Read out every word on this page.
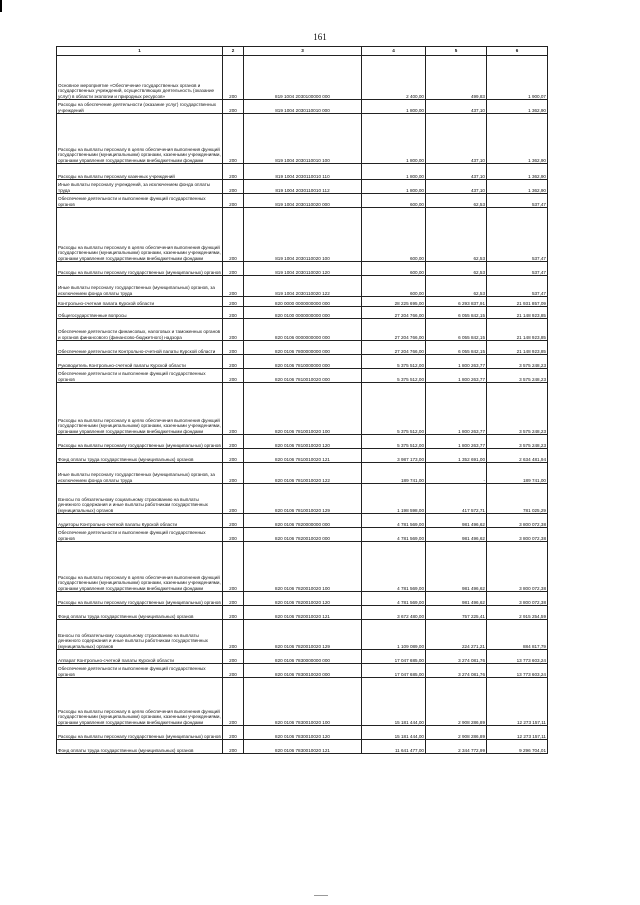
161
1	2	3	4	5	6
Основное мероприятие «Обеспечение государственных органов и государственных учреждений, осуществляющих деятельность (оказание услуг) в области экологии и природных ресурсов»	200	819 1004 2030100000 000	2 400,00	499,83	1 900,07
Расходы на обеспечение деятельности (оказание услуг) государственных учреждений	200	819 1004 2030110010 000	1 800,00	437,10	1 362,90
Расходы на выплаты персоналу в целях обеспечения выполнения функций государственными (муниципальными) органами, казенными учреждениями, органами управления государственными внебюджетными фондами	200	819 1004 2030110010 100	1 800,00	437,10	1 362,90
Расходы на выплаты персоналу казенных учреждений	200	819 1004 2030110010 110	1 800,00	437,10	1 362,90
Иные выплаты персоналу учреждений, за исключением фонда оплаты труда	200	819 1004 2030110010 112	1 800,00	437,10	1 362,90
Обеспечение деятельности и выполнение функций государственных органов	200	819 1004 2030110020 000	600,00	62,53	537,47
Расходы на выплаты персоналу в целях обеспечения выполнения функций государственными (муниципальными) органами, казенными учреждениями, органами управления государственными внебюджетными фондами	200	819 1004 2030110020 100	600,00	62,53	537,47
Расходы на выплаты персоналу государственных (муниципальных) органов	200	819 1004 2030110020 120	600,00	62,53	537,47
Иные выплаты персоналу государственных (муниципальных) органов, за исключением фонда оплаты труда	200	819 1004 2030110020 122	600,00	62,53	537,47
Контрольно-счетная палата Курской области	200	820 0000 0000000000 000	28 225 695,00	6 293 837,91	21 931 857,09
Общегосударственные вопросы	200	820 0100 0000000000 000	27 204 766,00	6 055 842,15	21 148 923,85
Обеспечение деятельности финансовых, налоговых и таможенных органов и органов финансового (финансово-бюджетного) надзора	200	820 0106 0000000000 000	27 204 766,00	6 055 842,15	21 148 923,85
Обеспечение деятельности Контрольно-счетной палаты Курской области	200	820 0106 7800000000 000	27 204 766,00	6 055 842,15	21 148 923,85
Руководитель Контрольно-счетной палаты Курской области	200	820 0106 7810000000 000	5 375 512,00	1 800 263,77	3 575 248,23
Обеспечение деятельности и выполнение функций государственных органов	200	820 0106 7810010020 000	5 375 512,00	1 800 263,77	3 575 248,23
Расходы на выплаты персоналу в целях обеспечения выполнения функций государственными (муниципальными) органами, казенными учреждениями, органами управления государственными внебюджетными фондами	200	820 0106 7810010020 100	5 375 512,00	1 800 263,77	3 575 248,23
Расходы на выплаты персоналу государственных (муниципальных) органов	200	820 0106 7810010020 120	5 375 512,00	1 800 263,77	3 575 248,23
Фонд оплаты труда государственных (муниципальных) органов	200	820 0106 7810010020 121	3 987 173,00	1 352 691,00	2 634 481,94
Иные выплаты персоналу государственных (муниципальных) органов, за исключением фонда оплаты труда	200	820 0106 7810010020 122	189 741,00	-	189 741,00
Взносы по обязательному социальному страхованию на выплаты денежного содержания и иные выплаты работникам государственных (муниципальных) органов	200	820 0106 7810010020 129	1 198 598,00	417 572,71	781 025,29
Аудиторы Контрольно-счетной палаты Курской области	200	820 0106 7820000000 000	4 781 569,00	981 496,62	3 800 072,38
Обеспечение деятельности и выполнение функций государственных органов	200	820 0106 7820010020 000	4 781 569,00	981 496,62	3 800 072,38
Расходы на выплаты персоналу в целях обеспечения выполнения функций государственными (муниципальными) органами, казенными учреждениями, органами управления государственными внебюджетными фондами	200	820 0106 7820010020 100	4 781 569,00	981 496,62	3 800 072,38
Расходы на выплаты персоналу государственных (муниципальных) органов	200	820 0106 7820010020 120	4 781 569,00	981 496,62	3 800 072,38
Фонд оплаты труда государственных (муниципальных) органов	200	820 0106 7820010020 121	3 672 480,00	757 225,41	2 915 254,59
Взносы по обязательному социальному страхованию на выплаты денежного содержания и иные выплаты работникам государственных (муниципальных) органов	200	820 0106 7820010020 129	1 109 089,00	224 271,21	884 817,79
Аппарат Контрольно-счетной палаты Курской области	200	820 0106 7830000000 000	17 047 685,00	3 274 081,76	13 773 603,24
Обеспечение деятельности и выполнение функций государственных органов	200	820 0106 7830010020 000	17 047 685,00	3 274 081,76	13 773 603,24
Расходы на выплаты персоналу в целях обеспечения выполнения функций государственными (муниципальными) органами, казенными учреждениями, органами управления государственными внебюджетными фондами	200	820 0106 7830010020 100	15 181 444,00	2 908 286,89	12 273 157,11
Расходы на выплаты персоналу государственных (муниципальных) органов	200	820 0106 7830010020 120	15 181 444,00	2 908 286,89	12 273 157,11
Фонд оплаты труда государственных (муниципальных) органов	200	820 0106 7830010020 121	11 641 477,00	2 344 772,99	9 296 704,01
